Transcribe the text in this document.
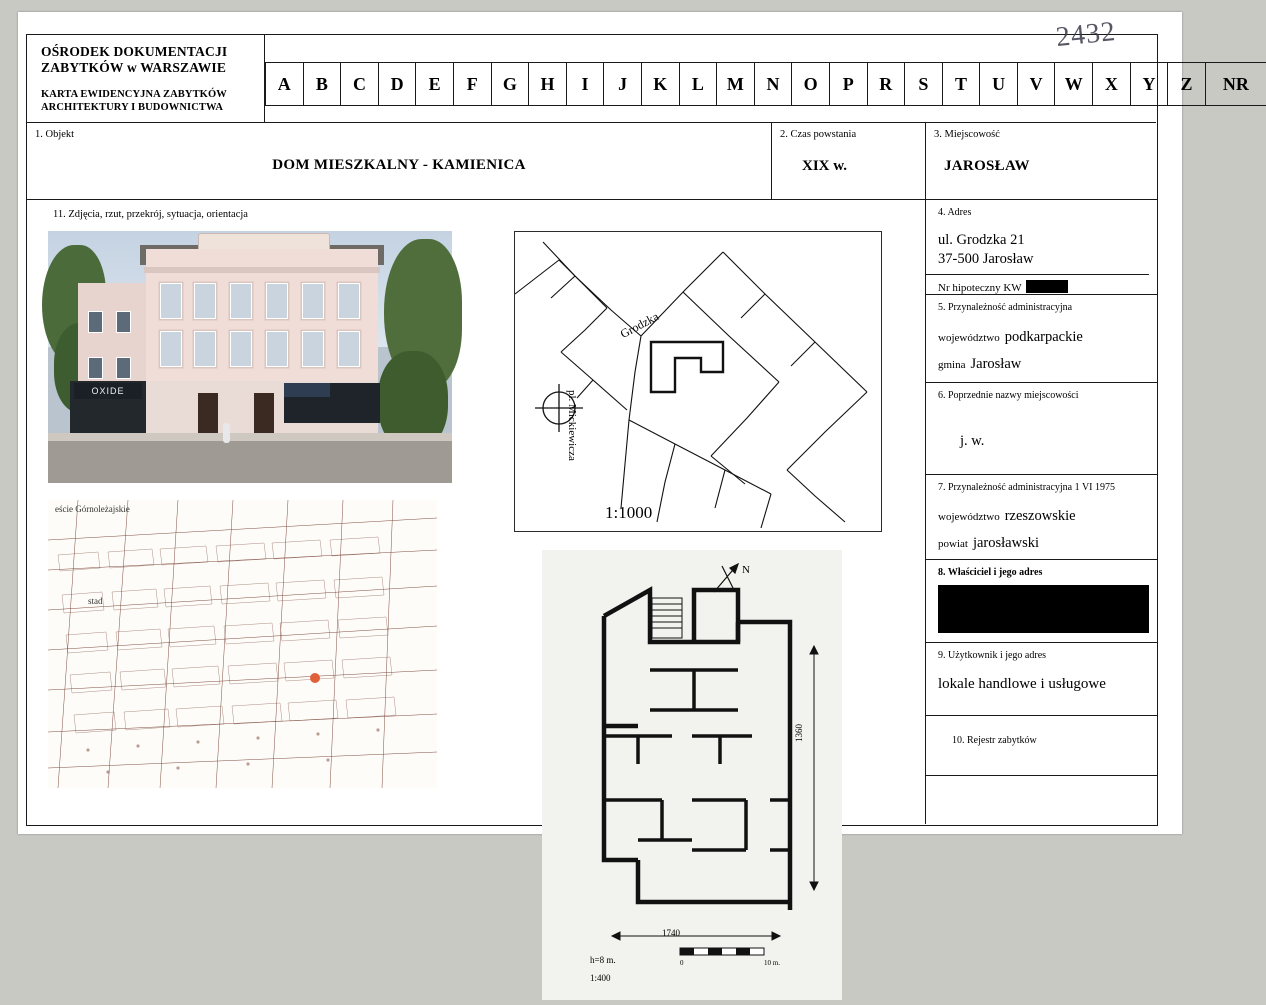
OŚRODEK DOKUMENTACJI
ZABYTKÓW w WARSZAWIE
KARTA EWIDENCYJNA ZABYTKÓW
ARCHITEKTURY I BUDOWNICTWA
2432
A	B	C	D	E	F	G	H	I	J	K	L	M	N	O	P	R	S	T	U	V	W	X	Y	Z	NR
1. Objekt
DOM MIESZKALNY - KAMIENICA
2. Czas powstania
XIX w.
3. Miejscowość
JAROSŁAW
11. Zdjęcia, rzut, przekrój, sytuacja, orientacja
OXIDE
eście Górnoleżajskie
stad
Grodzka
pl. Mickiewicza
1:1000
1740
1360
h=8 m.
1:400
N
0	10 m.
4. Adres
ul. Grodzka 21
37-500 Jarosław
Nr hipoteczny KW
5. Przynależność administracyjna
województwo podkarpackie
gmina Jarosław
6. Poprzednie nazwy miejscowości
j. w.
7. Przynależność administracyjna 1 VI 1975
województwo rzeszowskie
powiat jarosławski
8. Właściciel i jego adres
9. Użytkownik i jego adres
lokale handlowe i usługowe
10. Rejestr zabytków
